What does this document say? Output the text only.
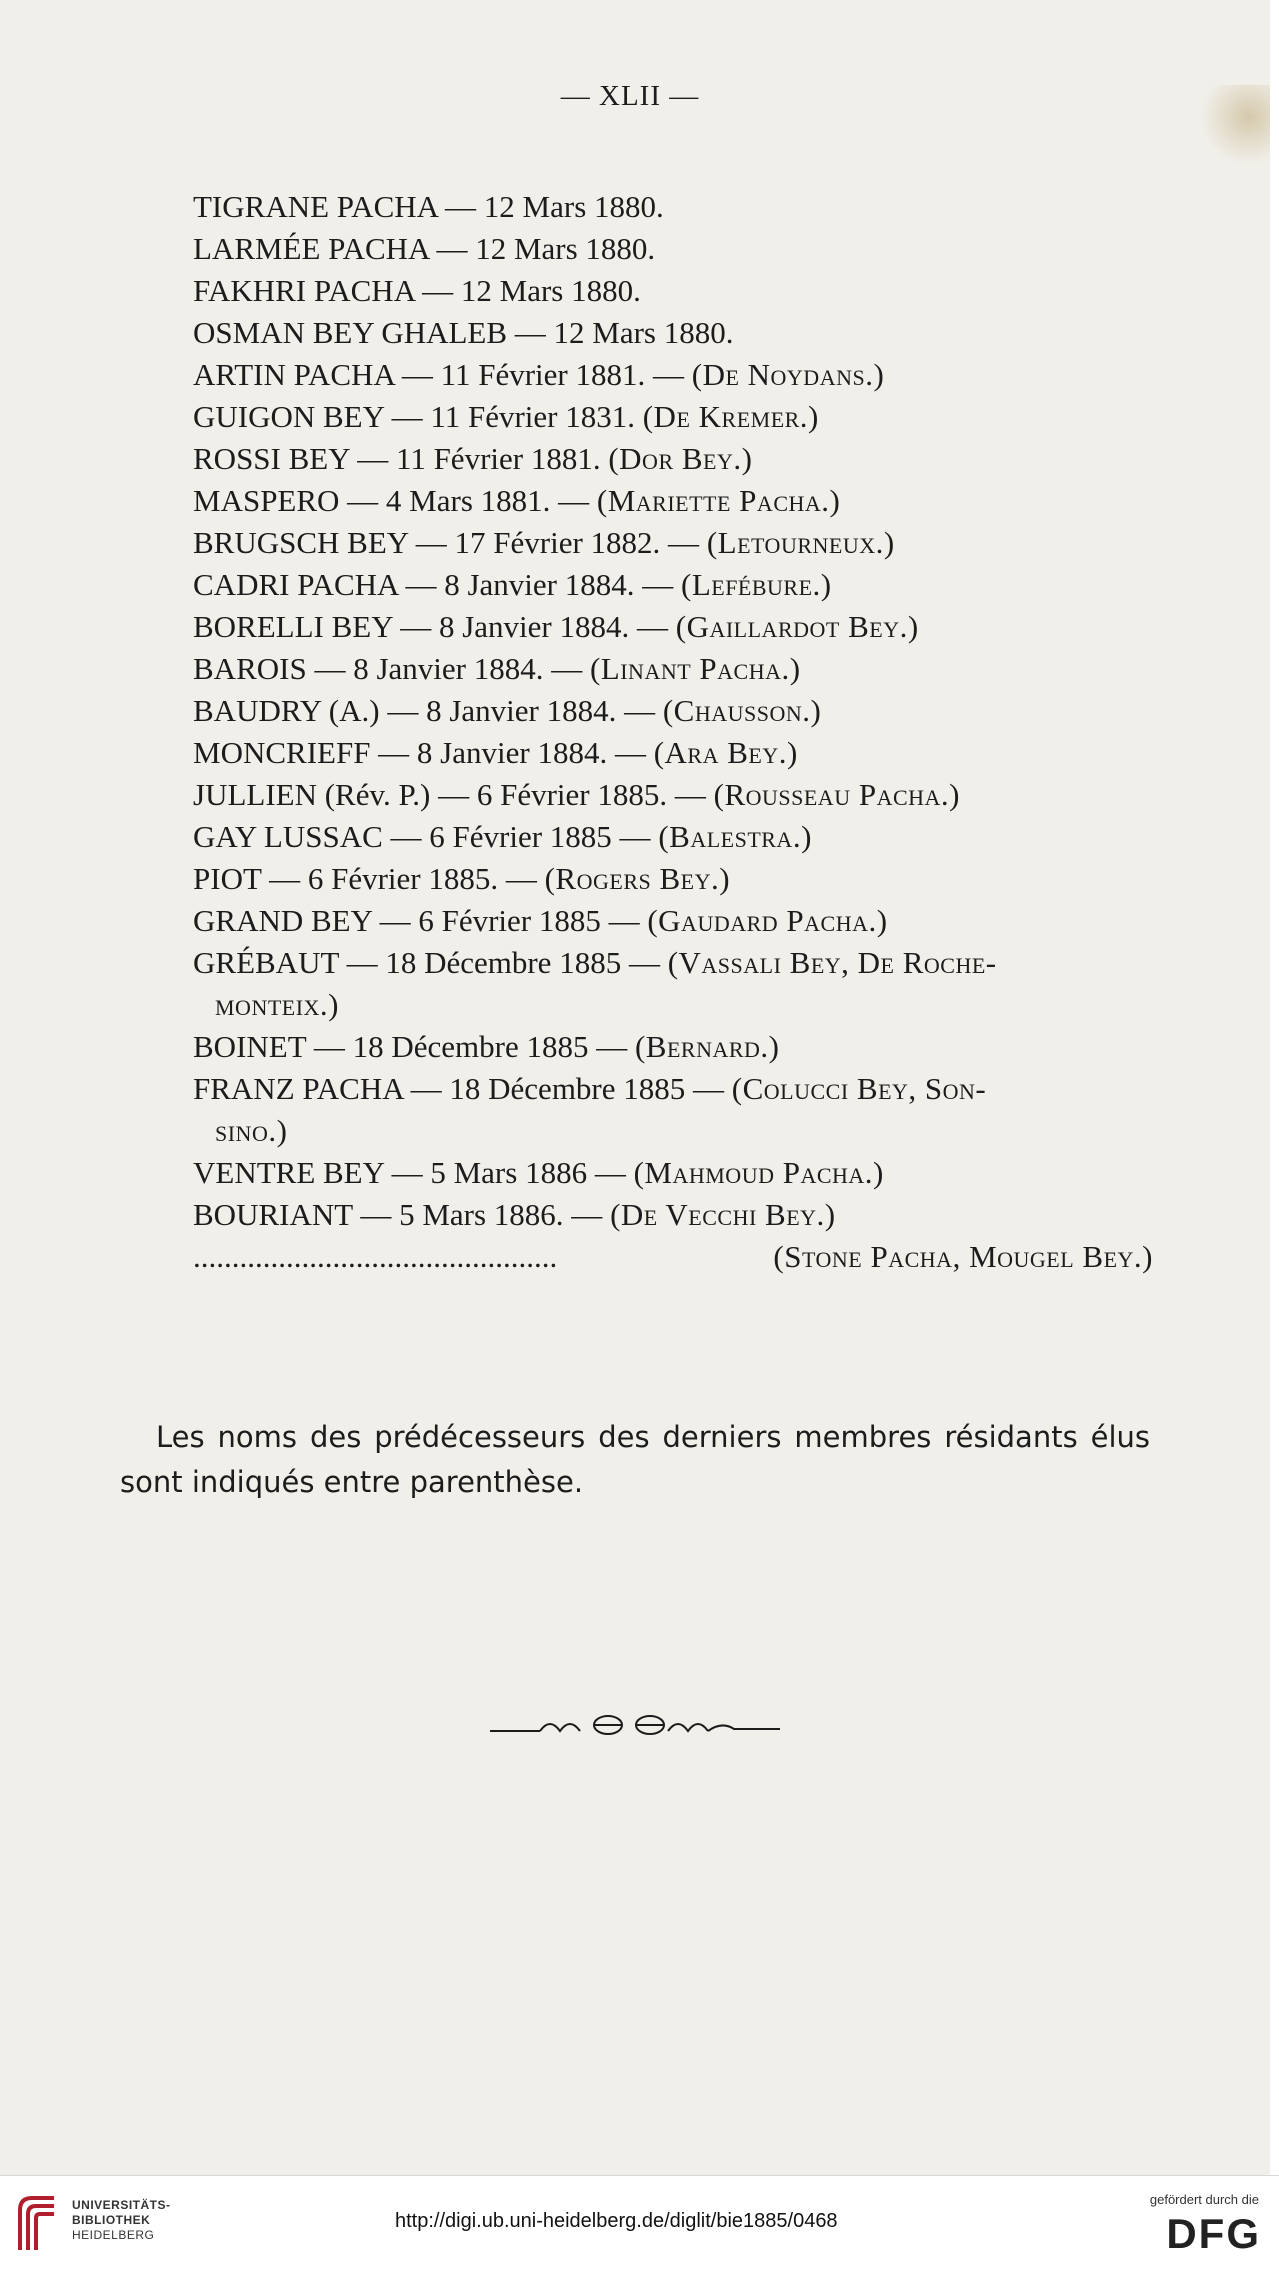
— XLII —
TIGRANE PACHA — 12 Mars 1880.
LARMÉE PACHA — 12 Mars 1880.
FAKHRI PACHA — 12 Mars 1880.
OSMAN BEY GHALEB — 12 Mars 1880.
ARTIN PACHA — 11 Février 1881. — (De Noydans.)
GUIGON BEY — 11 Février 1831. (De Kremer.)
ROSSI BEY — 11 Février 1881. (Dor Bey.)
MASPERO — 4 Mars 1881. — (Mariette Pacha.)
BRUGSCH BEY — 17 Février 1882. — (Letourneux.)
CADRI PACHA — 8 Janvier 1884. — (Lefébure.)
BORELLI BEY — 8 Janvier 1884. — (Gaillardot Bey.)
BAROIS — 8 Janvier 1884. — (Linant Pacha.)
BAUDRY (A.) — 8 Janvier 1884. — (Chausson.)
MONCRIEFF — 8 Janvier 1884. — (Ara Bey.)
JULLIEN (Rév. P.) — 6 Février 1885. — (Rousseau Pacha.)
GAY LUSSAC — 6 Février 1885 — (Balestra.)
PIOT — 6 Février 1885. — (Rogers Bey.)
GRAND BEY — 6 Février 1885 — (Gaudard Pacha.)
GRÉBAUT — 18 Décembre 1885 — (Vassali Bey, De Roche-
monteix.)
BOINET — 18 Décembre 1885 — (Bernard.)
FRANZ PACHA — 18 Décembre 1885 — (Colucci Bey, Son-
sino.)
VENTRE BEY — 5 Mars 1886 — (Mahmoud Pacha.)
BOURIANT — 5 Mars 1886. — (De Vecchi Bey.)
...............................................	(Stone Pacha, Mougel Bey.)
Les noms des prédécesseurs des derniers membres résidants élus sont indiqués entre parenthèse.
UNIVERSITÄTS-
BIBLIOTHEK
HEIDELBERG
http://digi.ub.uni-heidelberg.de/diglit/bie1885/0468
gefördert durch die
DFG
